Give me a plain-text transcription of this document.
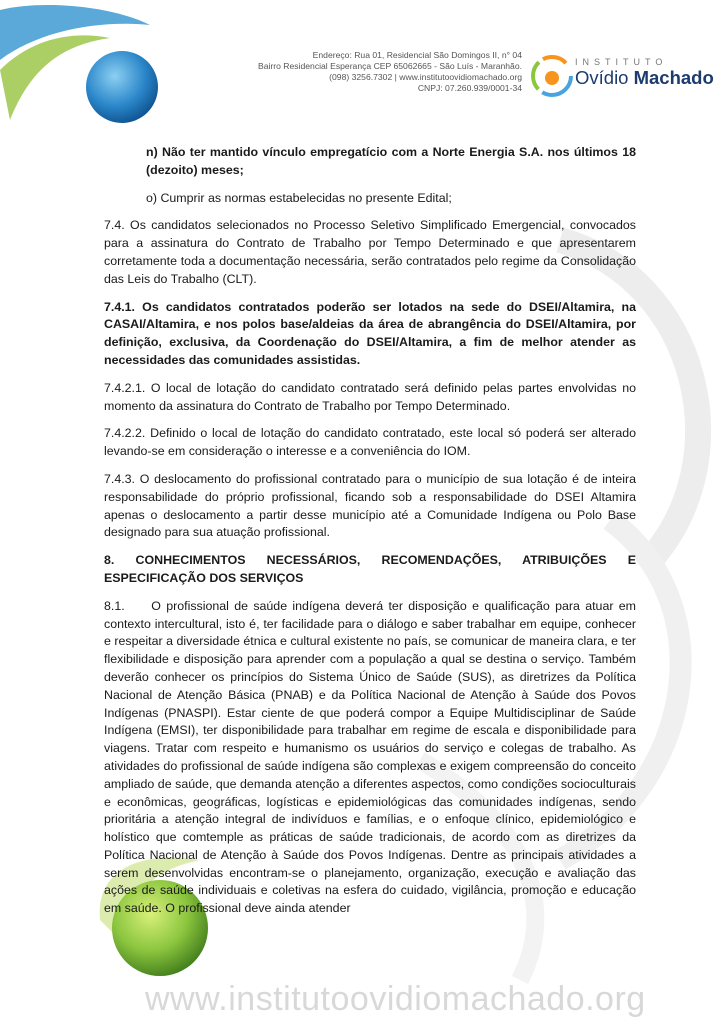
Endereço: Rua 01, Residencial São Domingos II, n° 04
Bairro Residencial Esperança CEP 65062665 - São Luís - Maranhão.
(098) 3256.7302 | www.institutoovidiomachado.org
CNPJ: 07.260.939/0001-34
INSTITUTO
Ovídio Machado

n) Não ter mantido vínculo empregatício com a Norte Energia S.A. nos últimos 18 (dezoito) meses;

o) Cumprir as normas estabelecidas no presente Edital;

7.4. Os candidatos selecionados no Processo Seletivo Simplificado Emergencial, convocados para a assinatura do Contrato de Trabalho por Tempo Determinado e que apresentarem corretamente toda a documentação necessária, serão contratados pelo regime da Consolidação das Leis do Trabalho (CLT).

7.4.1. Os candidatos contratados poderão ser lotados na sede do DSEI/Altamira, na CASAI/Altamira, e nos polos base/aldeias da área de abrangência do DSEI/Altamira, por definição, exclusiva, da Coordenação do DSEI/Altamira, a fim de melhor atender as necessidades das comunidades assistidas.

7.4.2.1. O local de lotação do candidato contratado será definido pelas partes envolvidas no momento da assinatura do Contrato de Trabalho por Tempo Determinado.

7.4.2.2. Definido o local de lotação do candidato contratado, este local só poderá ser alterado levando-se em consideração o interesse e a conveniência do IOM.

7.4.3. O deslocamento do profissional contratado para o município de sua lotação é de inteira responsabilidade do próprio profissional, ficando sob a responsabilidade do DSEI Altamira apenas o deslocamento a partir desse município até a Comunidade Indígena ou Polo Base designado para sua atuação profissional.

8. CONHECIMENTOS NECESSÁRIOS, RECOMENDAÇÕES, ATRIBUIÇÕES E ESPECIFICAÇÃO DOS SERVIÇOS

8.1.     O profissional de saúde indígena deverá ter disposição e qualificação para atuar em contexto intercultural, isto é, ter facilidade para o diálogo e saber trabalhar em equipe, conhecer e respeitar a diversidade étnica e cultural existente no país, se comunicar de maneira clara, e ter flexibilidade e disposição para aprender com a população a qual se destina o serviço. Também deverão conhecer os princípios do Sistema Único de Saúde (SUS), as diretrizes da Política Nacional de Atenção Básica (PNAB) e da Política Nacional de Atenção à Saúde dos Povos Indígenas (PNASPI). Estar ciente de que poderá compor a Equipe Multidisciplinar de Saúde Indígena (EMSI), ter disponibilidade para trabalhar em regime de escala e disponibilidade para viagens. Tratar com respeito e humanismo os usuários do serviço e colegas de trabalho. As atividades do profissional de saúde indígena são complexas e exigem compreensão do conceito ampliado de saúde, que demanda atenção a diferentes aspectos, como condições socioculturais e econômicas, geográficas, logísticas e epidemiológicas das comunidades indígenas, sendo prioritária a atenção integral de indivíduos e famílias, e o enfoque clínico, epidemiológico e holístico que comtemple as práticas de saúde tradicionais, de acordo com as diretrizes da Política Nacional de Atenção à Saúde dos Povos Indígenas. Dentre as principais atividades a serem desenvolvidas encontram-se o planejamento, organização, execução e avaliação das ações de saúde individuais e coletivas na esfera do cuidado, vigilância, promoção e educação em saúde. O profissional deve ainda atender

www.institutoovidiomachado.org
